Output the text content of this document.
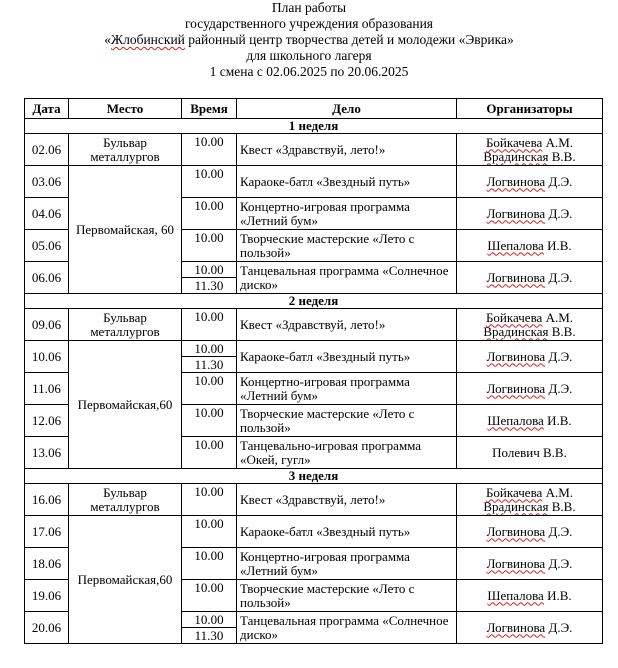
План работы
государственного учреждения образования
«Жлобинский районный центр творчества детей и молодежи «Эврика»
для школьного лагеря
1 смена с 02.06.2025 по 20.06.2025
Дата	Место	Время	Дело	Организаторы
1 неделя				
02.06	Бульвар металлургов	10.00	Квест «Здравствуй, лето!»	Бойкачева А.М.
Врадинская В.В.
03.06	Первомайская, 60	10.00	Караоке-батл «Звездный путь»	Логвинова Д.Э.
04.06		10.00	Концертно-игровая программа «Летний бум»	Логвинова Д.Э.
05.06		10.00	Творческие мастерские «Лето с пользой»	Шепалова И.В.
06.06		10.00	Танцевальная программа «Солнечное диско»	Логвинова Д.Э.
		11.30		
2 неделя				
09.06	Бульвар металлургов	10.00	Квест «Здравствуй, лето!»	Бойкачева А.М.
Врадинская В.В.
10.06	Первомайская,60	10.00	Караоке-батл «Звездный путь»	Логвинова Д.Э.
		11.30		
11.06		10.00	Концертно-игровая программа «Летний бум»	Логвинова Д.Э.
12.06		10.00	Творческие мастерские «Лето с пользой»	Шепалова И.В.
13.06		10.00	Танцевально-игровая программа «Окей, гугл»	Полевич В.В.
3 неделя				
16.06	Бульвар металлургов	10.00	Квест «Здравствуй, лето!»	Бойкачева А.М.
Врадинская В.В.
17.06	Первомайская,60	10.00	Караоке-батл «Звездный путь»	Логвинова Д.Э.
18.06		10.00	Концертно-игровая программа «Летний бум»	Логвинова Д.Э.
19.06		10.00	Творческие мастерские «Лето с пользой»	Шепалова И.В.
20.06		10.00	Танцевальная программа «Солнечное диско»	Логвинова Д.Э.
		11.30		
